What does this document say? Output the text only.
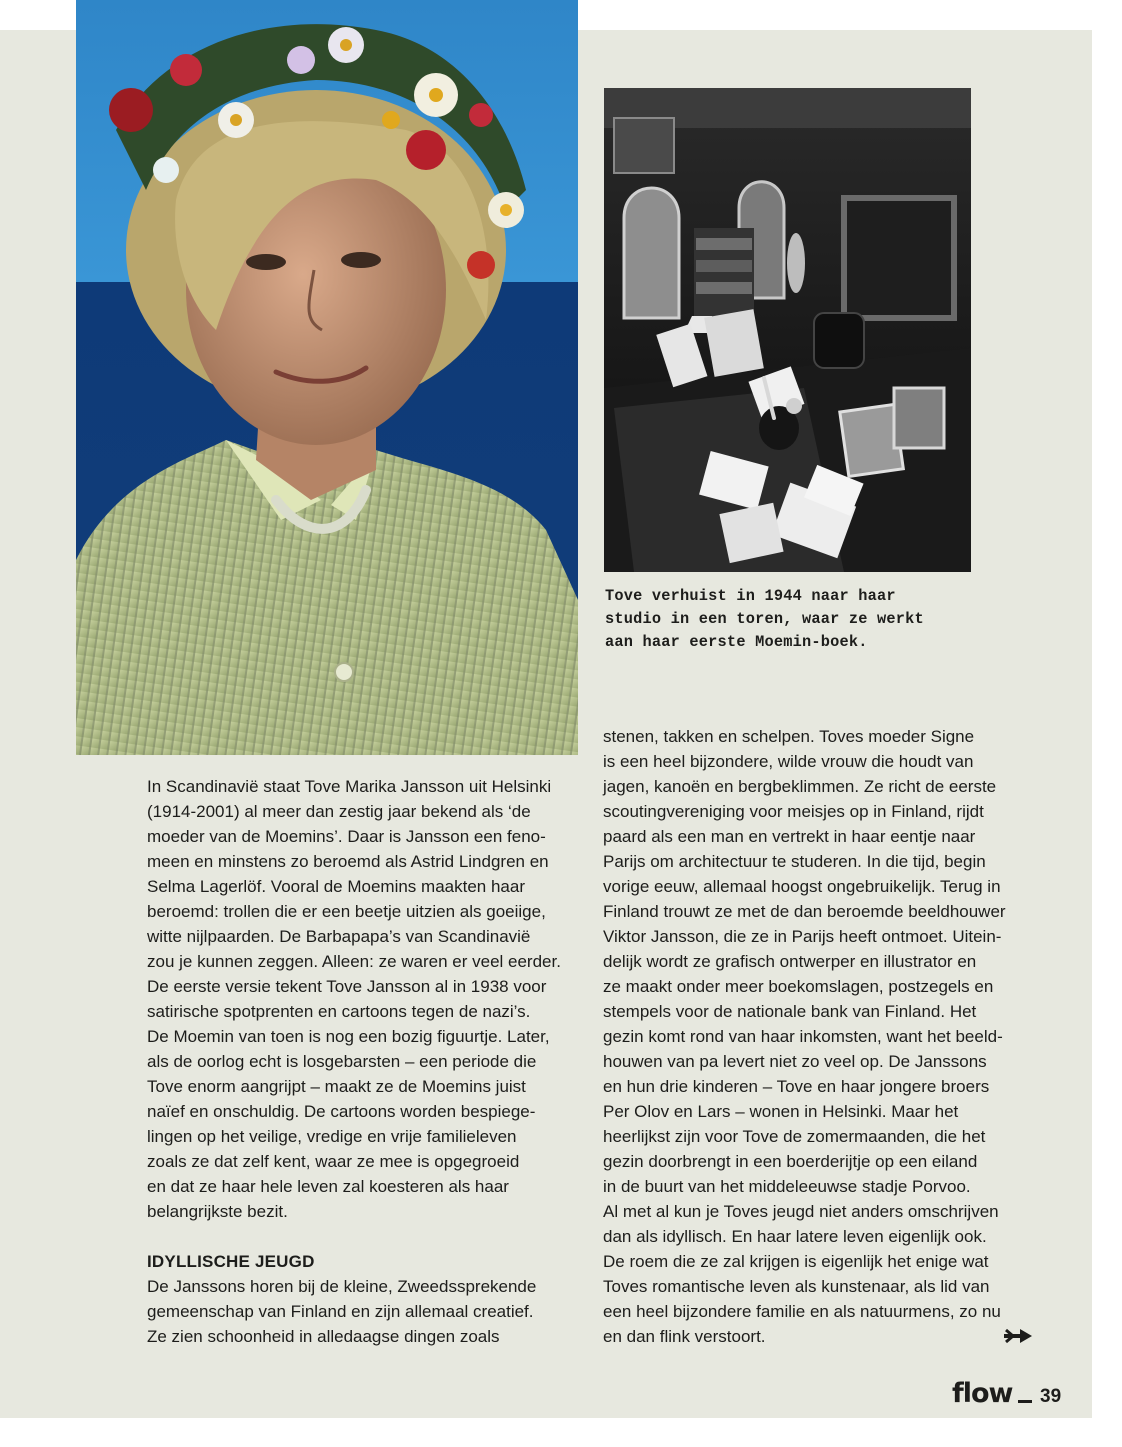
Tove verhuist in 1944 naar haar
studio in een toren, waar ze werkt
aan haar eerste Moemin-boek.
In Scandinavië staat Tove Marika Jansson uit Helsinki
(1914-2001) al meer dan zestig jaar bekend als ‘de
moeder van de Moemins’. Daar is Jansson een feno-
meen en minstens zo beroemd als Astrid Lindgren en
Selma Lagerlöf. Vooral de Moemins maakten haar
beroemd: trollen die er een beetje uitzien als goeiige,
witte nijlpaarden. De Barbapapa’s van Scandinavië
zou je kunnen zeggen. Alleen: ze waren er veel eerder.
De eerste versie tekent Tove Jansson al in 1938 voor
satirische spotprenten en cartoons tegen de nazi’s.
De Moemin van toen is nog een bozig figuurtje. Later,
als de oorlog echt is losgebarsten – een periode die
Tove enorm aangrijpt – maakt ze de Moemins juist
naïef en onschuldig. De cartoons worden bespiege-
lingen op het veilige, vredige en vrije familieleven
zoals ze dat zelf kent, waar ze mee is opgegroeid
en dat ze haar hele leven zal koesteren als haar
belangrijkste bezit.
IDYLLISCHE JEUGD
De Janssons horen bij de kleine, Zweedssprekende
gemeenschap van Finland en zijn allemaal creatief.
Ze zien schoonheid in alledaagse dingen zoals
stenen, takken en schelpen. Toves moeder Signe
is een heel bijzondere, wilde vrouw die houdt van
jagen, kanoën en bergbeklimmen. Ze richt de eerste
scoutingvereniging voor meisjes op in Finland, rijdt
paard als een man en vertrekt in haar eentje naar
Parijs om architectuur te studeren. In die tijd, begin
vorige eeuw, allemaal hoogst ongebruikelijk. Terug in
Finland trouwt ze met de dan beroemde beeldhouwer
Viktor Jansson, die ze in Parijs heeft ontmoet. Uitein-
delijk wordt ze grafisch ontwerper en illustrator en
ze maakt onder meer boekomslagen, postzegels en
stempels voor de nationale bank van Finland. Het
gezin komt rond van haar inkomsten, want het beeld-
houwen van pa levert niet zo veel op. De Janssons
en hun drie kinderen – Tove en haar jongere broers
Per Olov en Lars – wonen in Helsinki. Maar het
heerlijkst zijn voor Tove de zomermaanden, die het
gezin doorbrengt in een boerderijtje op een eiland
in de buurt van het middeleeuwse stadje Porvoo.
Al met al kun je Toves jeugd niet anders omschrijven
dan als idyllisch. En haar latere leven eigenlijk ook.
De roem die ze zal krijgen is eigenlijk het enige wat
Toves romantische leven als kunstenaar, als lid van
een heel bijzondere familie en als natuurmens, zo nu
en dan flink verstoort.
flow 39
